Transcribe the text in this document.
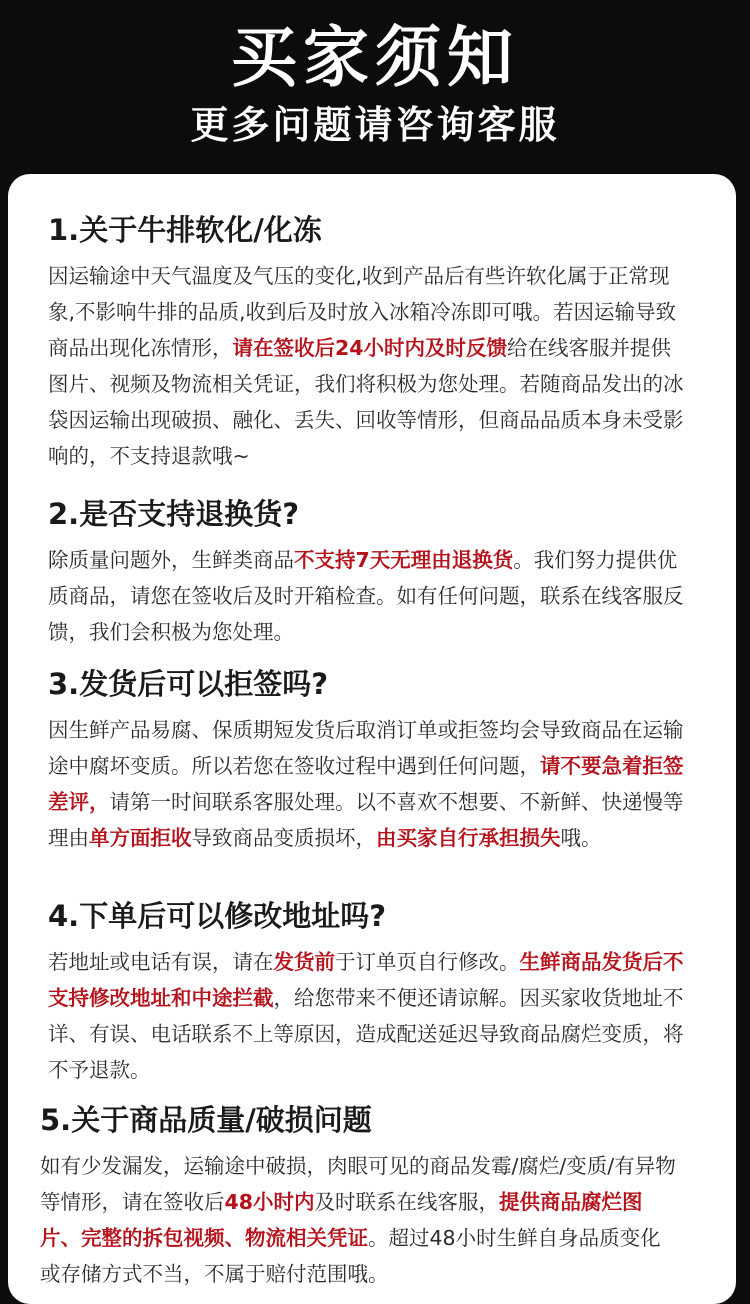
买家须知
更多问题请咨询客服
1.关于牛排软化/化冻
因运输途中天气温度及气压的变化,收到产品后有些许软化属于正常现象,不影响牛排的品质,收到后及时放入冰箱冷冻即可哦。若因运输导致商品出现化冻情形，请在签收后24小时内及时反馈给在线客服并提供图片、视频及物流相关凭证，我们将积极为您处理。若随商品发出的冰袋因运输出现破损、融化、丢失、回收等情形，但商品品质本身未受影响的，不支持退款哦~
2.是否支持退换货?
除质量问题外，生鲜类商品不支持7天无理由退换货。我们努力提供优质商品，请您在签收后及时开箱检查。如有任何问题，联系在线客服反馈，我们会积极为您处理。
3.发货后可以拒签吗?
因生鲜产品易腐、保质期短发货后取消订单或拒签均会导致商品在运输途中腐坏变质。所以若您在签收过程中遇到任何问题，请不要急着拒签差评，请第一时间联系客服处理。以不喜欢不想要、不新鲜、快递慢等理由单方面拒收导致商品变质损坏，由买家自行承担损失哦。
4.下单后可以修改地址吗?
若地址或电话有误，请在发货前于订单页自行修改。生鲜商品发货后不支持修改地址和中途拦截，给您带来不便还请谅解。因买家收货地址不详、有误、电话联系不上等原因，造成配送延迟导致商品腐烂变质，将不予退款。
5.关于商品质量/破损问题
如有少发漏发，运输途中破损，肉眼可见的商品发霉/腐烂/变质/有异物等情形，请在签收后48小时内及时联系在线客服，提供商品腐烂图片、完整的拆包视频、物流相关凭证。超过48小时生鲜自身品质变化或存储方式不当，不属于赔付范围哦。
